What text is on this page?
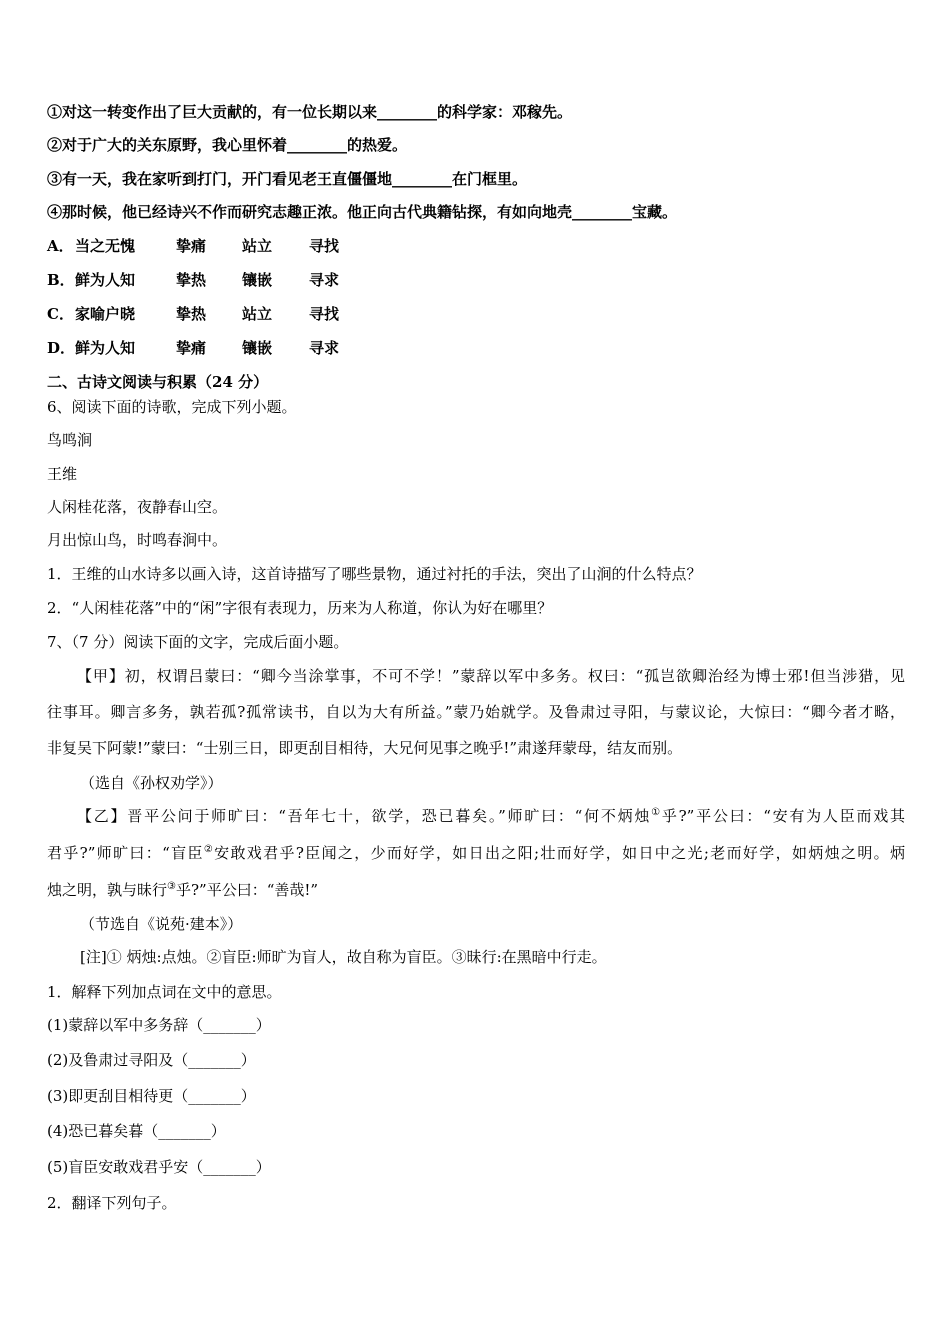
①对这一转变作出了巨大贡献的，有一位长期以来________的科学家：邓稼先。
②对于广大的关东原野，我心里怀着________的热爱。
③有一天，我在家听到打门，开门看见老王直僵僵地________在门框里。
④那时候，他已经诗兴不作而研究志趣正浓。他正向古代典籍钻探，有如向地壳________宝藏。
A．当之无愧	挚痛 站立 寻找
B．鲜为人知	挚热 镶嵌 寻求
C．家喻户晓	挚热 站立 寻找
D．鲜为人知	挚痛 镶嵌 寻求
二、古诗文阅读与积累（24 分）
6、阅读下面的诗歌，完成下列小题。
鸟鸣涧
王维
人闲桂花落，夜静春山空。
月出惊山鸟，时鸣春涧中。
1．王维的山水诗多以画入诗，这首诗描写了哪些景物，通过衬托的手法，突出了山涧的什么特点？
2．“人闲桂花落”中的“闲”字很有表现力，历来为人称道，你认为好在哪里？
7、（7 分）阅读下面的文字，完成后面小题。
【甲】初，权谓吕蒙曰：“卿今当涂掌事，不可不学！”蒙辞以军中多务。权曰：“孤岂欲卿治经为博士邪!但当涉猎，见
往事耳。卿言多务，孰若孤?孤常读书，自以为大有所益。”蒙乃始就学。及鲁肃过寻阳，与蒙议论，大惊曰：“卿今者才略，
非复吴下阿蒙!”蒙曰：“士别三日，即更刮目相待，大兄何见事之晚乎!”肃遂拜蒙母，结友而别。
（选自《孙权劝学》）
【乙】晋平公问于师旷曰：“吾年七十，欲学，恐已暮矣。”师旷曰：“何不炳烛①乎?”平公曰：“安有为人臣而戏其
君乎?”师旷曰：“盲臣②安敢戏君乎?臣闻之，少而好学，如日出之阳;壮而好学，如日中之光;老而好学，如炳烛之明。炳
烛之明，孰与昧行③乎?”平公曰：“善哉!”
（节选自《说苑·建本》）
[注]① 炳烛:点烛。②盲臣:师旷为盲人，故自称为盲臣。③昧行:在黑暗中行走。
1．解释下列加点词在文中的意思。
(1)蒙辞以军中多务辞（_______）
(2)及鲁肃过寻阳及（_______）
(3)即更刮目相待更（_______）
(4)恐已暮矣暮（_______）
(5)盲臣安敢戏君乎安（_______）
2．翻译下列句子。
